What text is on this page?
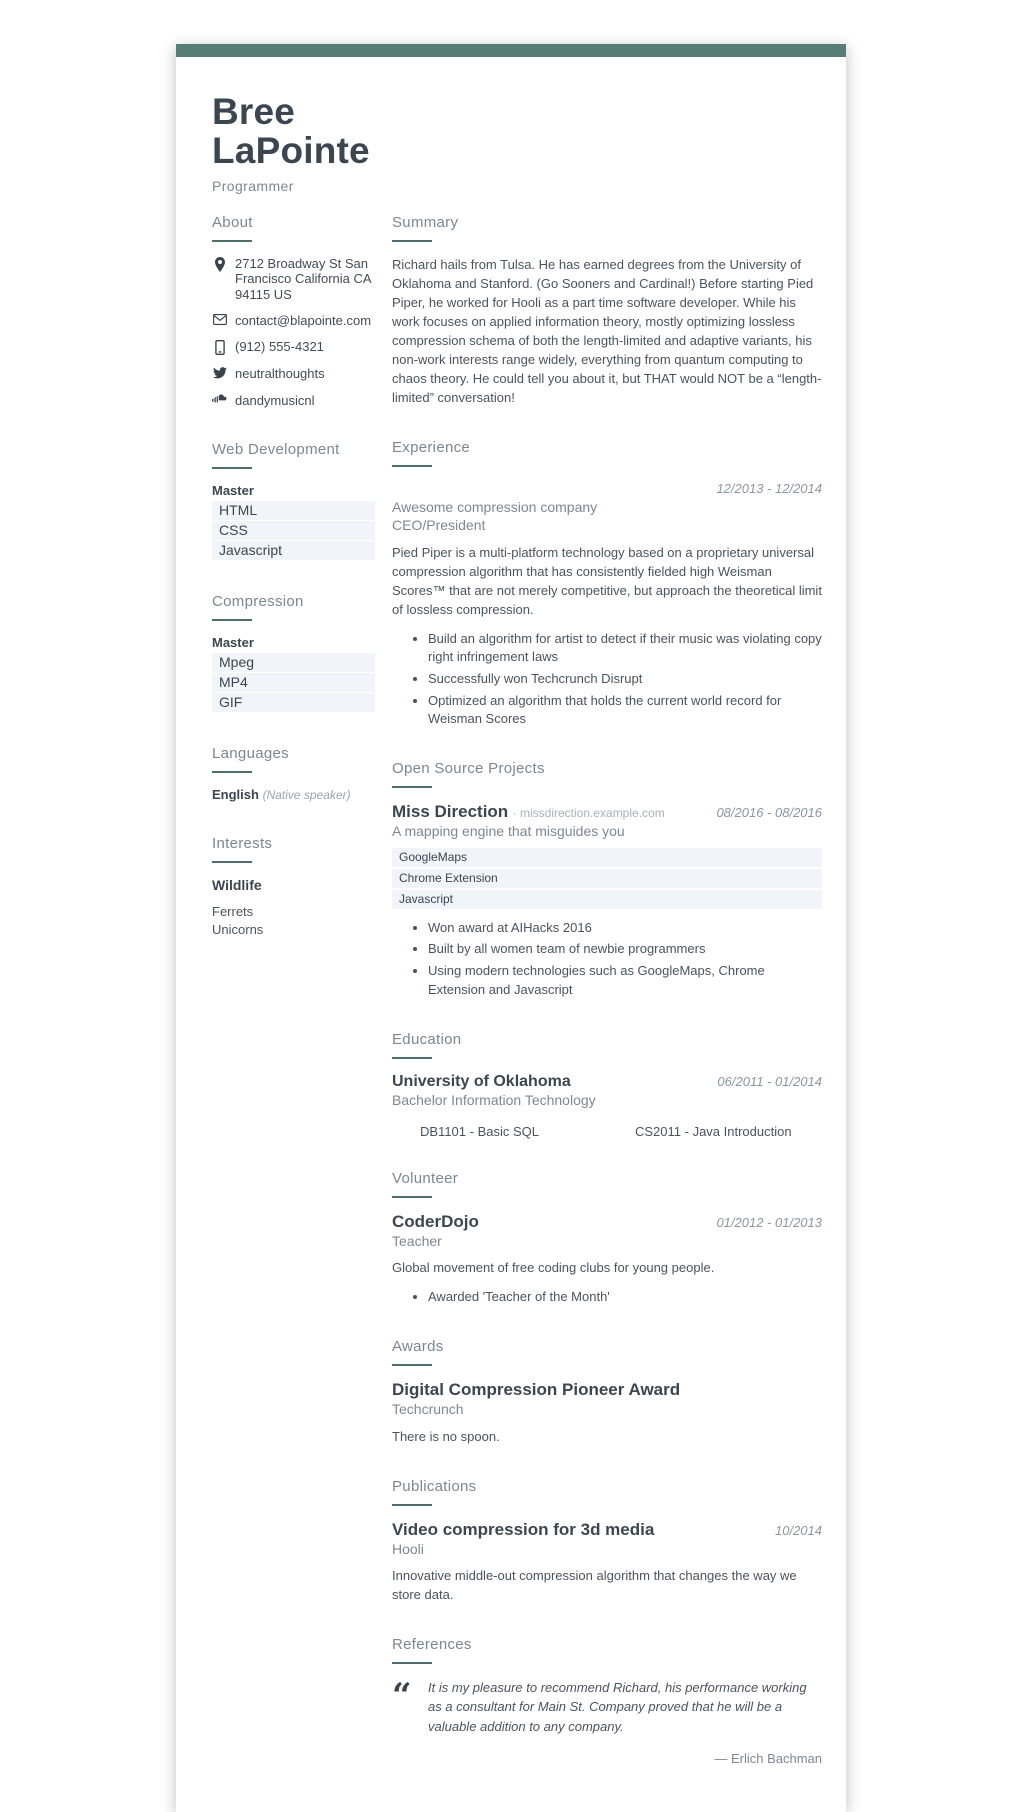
Bree
LaPointe
Programmer
About
2712 Broadway St San Francisco California CA 94115 US
contact@blapointe.com
(912) 555-4321
neutralthoughts
dandymusicnl
Web Development
Master
HTML
CSS
Javascript
Compression
Master
Mpeg
MP4
GIF
Languages
English (Native speaker)
Interests
Wildlife
Ferrets
Unicorns
Summary

Richard hails from Tulsa. He has earned degrees from the University of Oklahoma and Stanford. (Go Sooners and Cardinal!) Before starting Pied Piper, he worked for Hooli as a part time software developer. While his work focuses on applied information theory, mostly optimizing lossless compression schema of both the length-limited and adaptive variants, his non-work interests range widely, everything from quantum computing to chaos theory. He could tell you about it, but THAT would NOT be a “length-limited” conversation!

Experience
12/2013 - 12/2014
Awesome compression company
CEO/President

Pied Piper is a multi-platform technology based on a proprietary universal compression algorithm that has consistently fielded high Weisman Scores™ that are not merely competitive, but approach the theoretical limit of lossless compression.

• Build an algorithm for artist to detect if their music was violating copy right infringement laws
• Successfully won Techcrunch Disrupt
• Optimized an algorithm that holds the current world record for Weisman Scores
Open Source Projects
Miss Direction · missdirection.example.com	08/2016 - 08/2016
A mapping engine that misguides you
GoogleMaps
Chrome Extension
Javascript
• Won award at AIHacks 2016
• Built by all women team of newbie programmers
• Using modern technologies such as GoogleMaps, Chrome Extension and Javascript
Education
University of Oklahoma	06/2011 - 01/2014
Bachelor Information Technology
DB1101 - Basic SQL	CS2011 - Java Introduction
Volunteer
CoderDojo	01/2012 - 01/2013
Teacher

Global movement of free coding clubs for young people.

• Awarded 'Teacher of the Month'
Awards
Digital Compression Pioneer Award
Techcrunch

There is no spoon.

Publications
Video compression for 3d media	10/2014
Hooli

Innovative middle-out compression algorithm that changes the way we store data.

References
“	It is my pleasure to recommend Richard, his performance working as a consultant for Main St. Company proved that he will be a valuable addition to any company.
— Erlich Bachman
